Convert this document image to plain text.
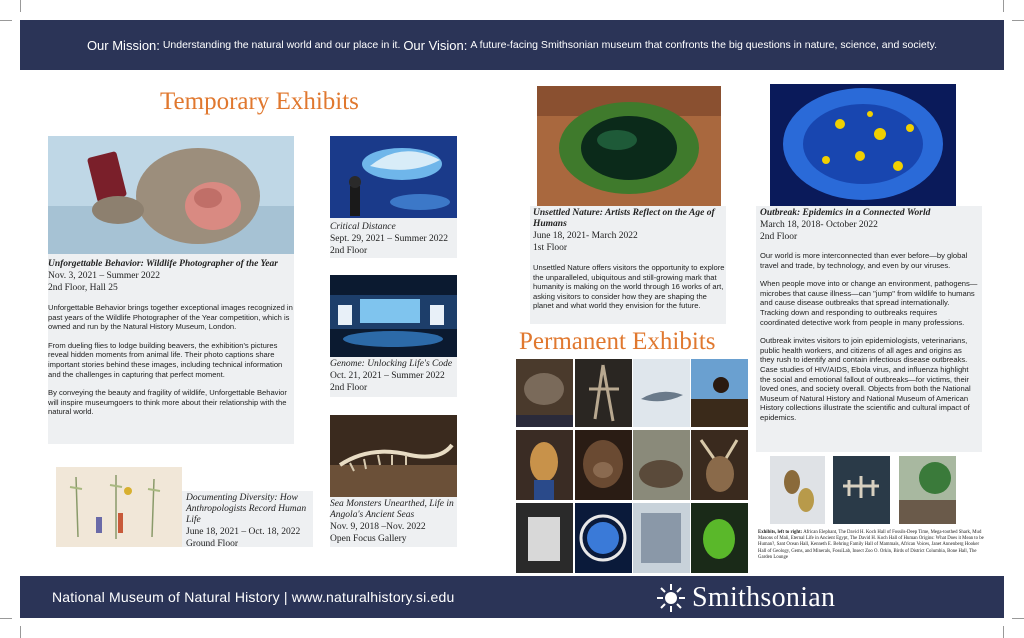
Our Mission:
Understanding the natural world and our place in it.
Our Vision:
A future-facing Smithsonian museum that confronts the big questions in nature, science, and society.
Temporary Exhibits
Unforgettable Behavior: Wildlife Photographer of the Year
Nov. 3, 2021 – Summer 2022
2nd Floor, Hall 25

Unforgettable Behavior brings together exceptional images recognized in past years of the Wildlife Photographer of the Year competition, which is owned and run by the Natural History Museum, London.

From dueling flies to lodge building beavers, the exhibition's pictures reveal hidden moments from animal life. Their photo captions share important stories behind these images, including technical information and the challenges in capturing that perfect moment.

By conveying the beauty and fragility of wildlife, Unforgettable Behavior will inspire museumgoers to think more about their relationship with the natural world.

Critical Distance
Sept. 29, 2021 – Summer 2022
2nd Floor
Genome: Unlocking Life's Code
Oct. 21, 2021 – Summer 2022
2nd Floor
Sea Monsters Unearthed, Life in Angola's Ancient Seas
Nov. 9, 2018 –Nov. 2022
Open Focus Gallery
Documenting Diversity: How Anthropologists Record Human Life
June 18, 2021 – Oct. 18, 2022
Ground Floor
Unsettled Nature: Artists Reflect on the Age of Humans
June 18, 2021- March 2022
1st Floor

Unsettled Nature offers visitors the opportunity to explore the unparalleled, ubiquitous and still-growing mark that humanity is making on the world through 16 works of art, asking visitors to consider how they are shaping the planet and what world they envision for the future.

Outbreak: Epidemics in a Connected World
March 18, 2018- October 2022
2nd Floor

Our world is more interconnected than ever before—by global travel and trade, by technology, and even by our viruses.

When people move into or change an environment, pathogens—microbes that cause illness—can "jump" from wildlife to humans and cause disease outbreaks that spread internationally. Tracking down and responding to outbreaks requires coordinated detective work from people in many professions.

Outbreak invites visitors to join epidemiologists, veterinarians, public health workers, and citizens of all ages and origins as they rush to identify and contain infectious disease outbreaks. Case studies of HIV/AIDS, Ebola virus, and influenza highlight the social and emotional fallout of outbreaks—for victims, their loved ones, and society overall. Objects from both the National Museum of Natural History and National Museum of American History collections illustrate the scientific and cultural impact of epidemics.

Permanent Exhibits
Exhibits, left to right: African Elephant, The David H. Koch Hall of Fossils-Deep Time, Mega-toothed Shark, Mud Masons of Mali, Eternal Life in Ancient Egypt, The David H. Koch Hall of Human Origins: What Does it Mean to be Human?, Sant Ocean Hall, Kenneth E. Behring Family Hall of Mammals, African Voices, Janet Annenberg Hooker Hall of Geology, Gems, and Minerals, FossiLab, Insect Zoo O. Orkin, Birds of District Columbia, Bone Hall, The Garden Lounge
National Museum of Natural History | www.naturalhistory.si.edu	Smithsonian
